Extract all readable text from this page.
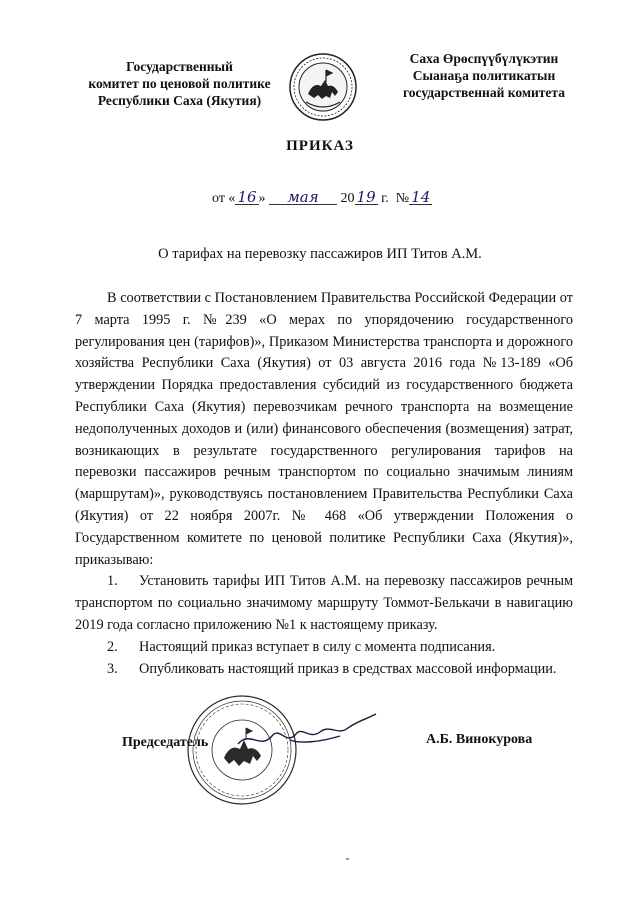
Государственный
комитет по ценовой политике
Республики Саха (Якутия)
Саха Өрөспүүбүлүкэтин
Сыанаҕа политикатын
государственнай комитета
ПРИКАЗ
от « 16 » мая 20 19 г. № 14
О тарифах на перевозку пассажиров ИП Титов А.М.

В соответствии с Постановлением Правительства Российской Федерации от 7 марта 1995 г. №239 «О мерах по упорядочению государственного регулирования цен (тарифов)», Приказом Министерства транспорта и дорожного хозяйства Республики Саха (Якутия) от 03 августа 2016 года №13-189 «Об утверждении Порядка предоставления субсидий из государственного бюджета Республики Саха (Якутия) перевозчикам речного транспорта на возмещение недополученных доходов и (или) финансового обеспечения (возмещения) затрат, возникающих в результате государственного регулирования тарифов на перевозки пассажиров речным транспортом по социально значимым линиям (маршрутам)», руководствуясь постановлением Правительства Республики Саха (Якутия) от 22 ноября 2007г. № 468 «Об утверждении Положения о Государственном комитете по ценовой политике Республики Саха (Якутия)», приказываю:

1. Установить тарифы ИП Титов А.М. на перевозку пассажиров речным транспортом по социально значимому маршруту Томмот-Белькачи в навигацию 2019 года согласно приложению №1 к настоящему приказу.

2. Настоящий приказ вступает в силу с момента подписания.

3. Опубликовать настоящий приказ в средствах массовой информации.

Председатель	А.Б. Винокурова
